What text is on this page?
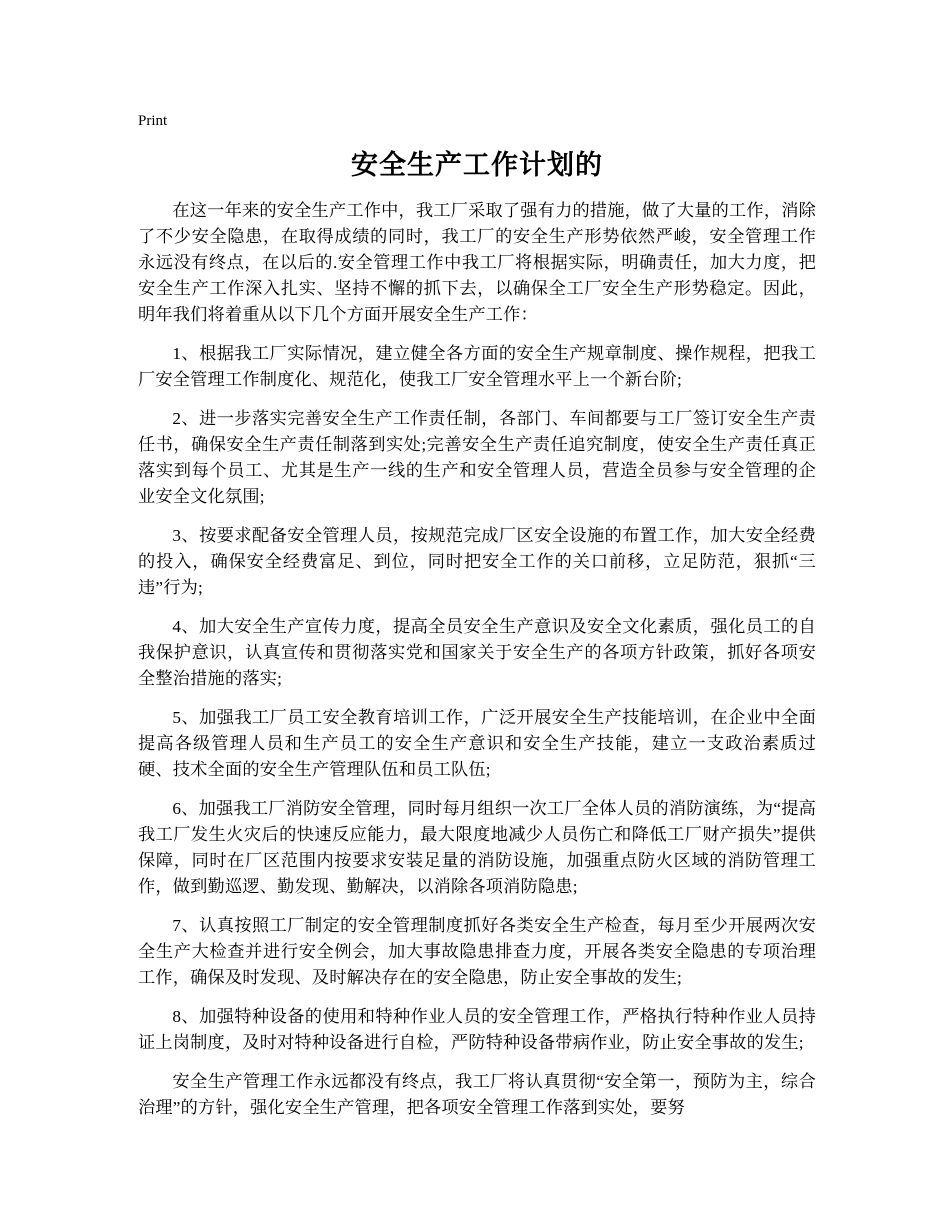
Print
安全生产工作计划的

在这一年来的安全生产工作中，我工厂采取了强有力的措施，做了大量的工作，消除了不少安全隐患，在取得成绩的同时，我工厂的安全生产形势依然严峻，安全管理工作永远没有终点，在以后的.安全管理工作中我工厂将根据实际，明确责任，加大力度，把安全生产工作深入扎实、坚持不懈的抓下去，以确保全工厂安全生产形势稳定。因此，明年我们将着重从以下几个方面开展安全生产工作：

1、根据我工厂实际情况，建立健全各方面的安全生产规章制度、操作规程，把我工厂安全管理工作制度化、规范化，使我工厂安全管理水平上一个新台阶;

2、进一步落实完善安全生产工作责任制，各部门、车间都要与工厂签订安全生产责任书，确保安全生产责任制落到实处;完善安全生产责任追究制度，使安全生产责任真正落实到每个员工、尤其是生产一线的生产和安全管理人员，营造全员参与安全管理的企业安全文化氛围;

3、按要求配备安全管理人员，按规范完成厂区安全设施的布置工作，加大安全经费的投入，确保安全经费富足、到位，同时把安全工作的关口前移，立足防范，狠抓“三违”行为;

4、加大安全生产宣传力度，提高全员安全生产意识及安全文化素质，强化员工的自我保护意识，认真宣传和贯彻落实党和国家关于安全生产的各项方针政策，抓好各项安全整治措施的落实;

5、加强我工厂员工安全教育培训工作，广泛开展安全生产技能培训，在企业中全面提高各级管理人员和生产员工的安全生产意识和安全生产技能，建立一支政治素质过硬、技术全面的安全生产管理队伍和员工队伍;

6、加强我工厂消防安全管理，同时每月组织一次工厂全体人员的消防演练，为“提高我工厂发生火灾后的快速反应能力，最大限度地减少人员伤亡和降低工厂财产损失”提供保障，同时在厂区范围内按要求安装足量的消防设施，加强重点防火区域的消防管理工作，做到勤巡逻、勤发现、勤解决，以消除各项消防隐患;

7、认真按照工厂制定的安全管理制度抓好各类安全生产检查，每月至少开展两次安全生产大检查并进行安全例会，加大事故隐患排查力度，开展各类安全隐患的专项治理工作，确保及时发现、及时解决存在的安全隐患，防止安全事故的发生;

8、加强特种设备的使用和特种作业人员的安全管理工作，严格执行特种作业人员持证上岗制度，及时对特种设备进行自检，严防特种设备带病作业，防止安全事故的发生;

安全生产管理工作永远都没有终点，我工厂将认真贯彻“安全第一，预防为主，综合治理”的方针，强化安全生产管理，把各项安全管理工作落到实处，要努
